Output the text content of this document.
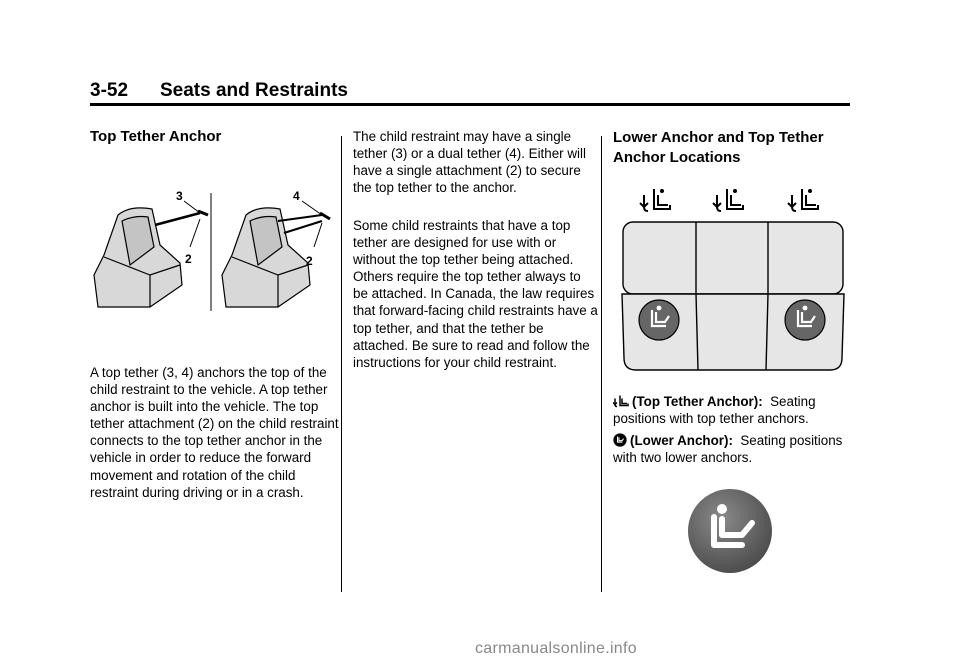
3-52 Seats and Restraints
Top Tether Anchor
3
2
4
2

A top tether (3, 4) anchors the top of the child restraint to the vehicle. A top tether anchor is built into the vehicle. The top tether attachment (2) on the child restraint connects to the top tether anchor in the vehicle in order to reduce the forward movement and rotation of the child restraint during driving or in a crash.

The child restraint may have a single tether (3) or a dual tether (4). Either will have a single attachment (2) to secure the top tether to the anchor.

Some child restraints that have a top tether are designed for use with or without the top tether being attached. Others require the top tether always to be attached. In Canada, the law requires that forward-facing child restraints have a top tether, and that the tether be attached. Be sure to read and follow the instructions for your child restraint.

Lower Anchor and Top Tether Anchor Locations

(Top Tether Anchor): Seating positions with top tether anchors.

(Lower Anchor): Seating positions with two lower anchors.

carmanualsonline.info
